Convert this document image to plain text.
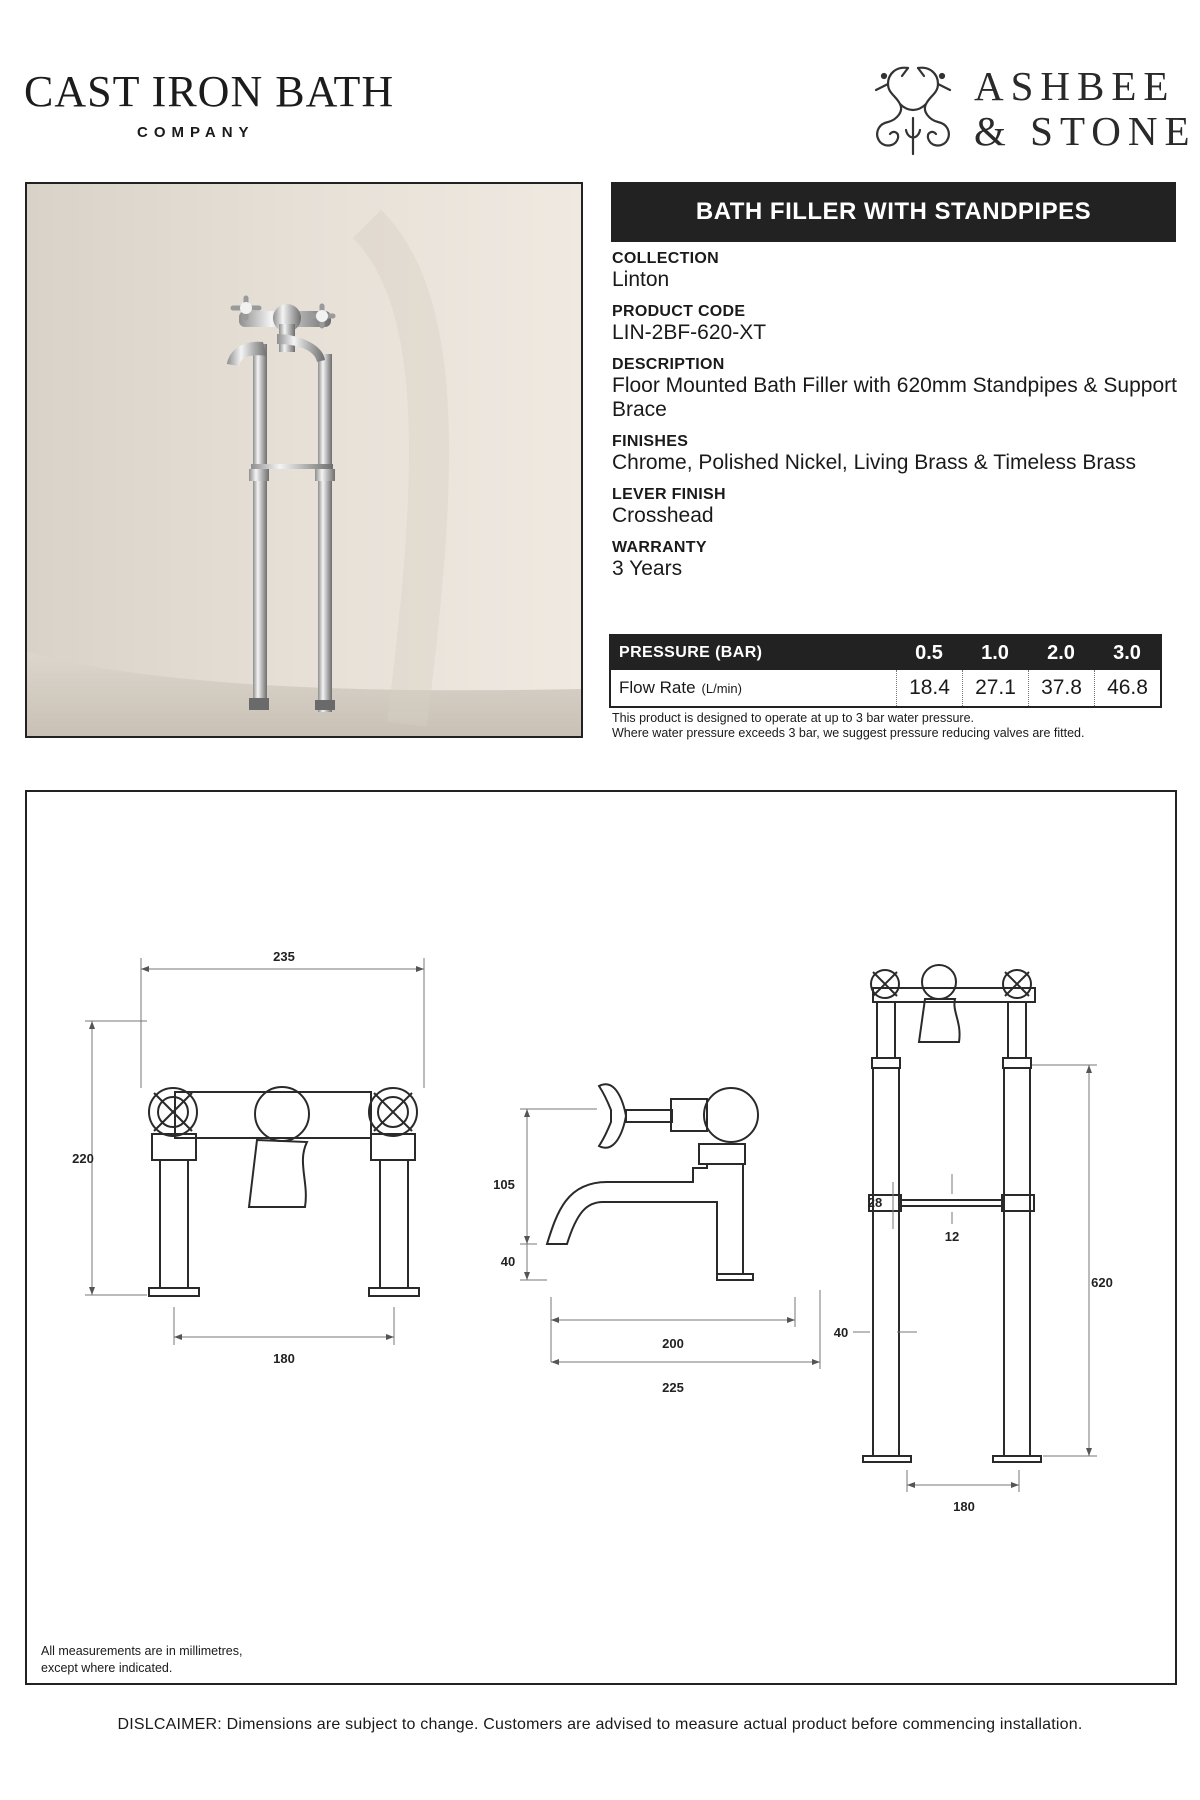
CAST IRON BATH
COMPANY
ASHBEE
& STONE
BATH FILLER WITH STANDPIPES
COLLECTION
Linton
PRODUCT CODE
LIN-2BF-620-XT
DESCRIPTION
Floor Mounted Bath Filler with 620mm Standpipes & Support Brace
FINISHES
Chrome, Polished Nickel, Living Brass & Timeless Brass
LEVER FINISH
Crosshead
WARRANTY
3 Years
PRESSURE (BAR)	0.5	1.0	2.0	3.0
Flow Rate (L/min)	18.4	27.1	37.8	46.8
This product is designed to operate at up to 3 bar water pressure.
Where water pressure exceeds 3 bar, we suggest pressure reducing valves are fitted.
235
220
180
105
40
200
225
28
12
40
620
180
All measurements are in millimetres,
except where indicated.
DISLCAIMER: Dimensions are subject to change. Customers are advised to measure actual product before commencing installation.
